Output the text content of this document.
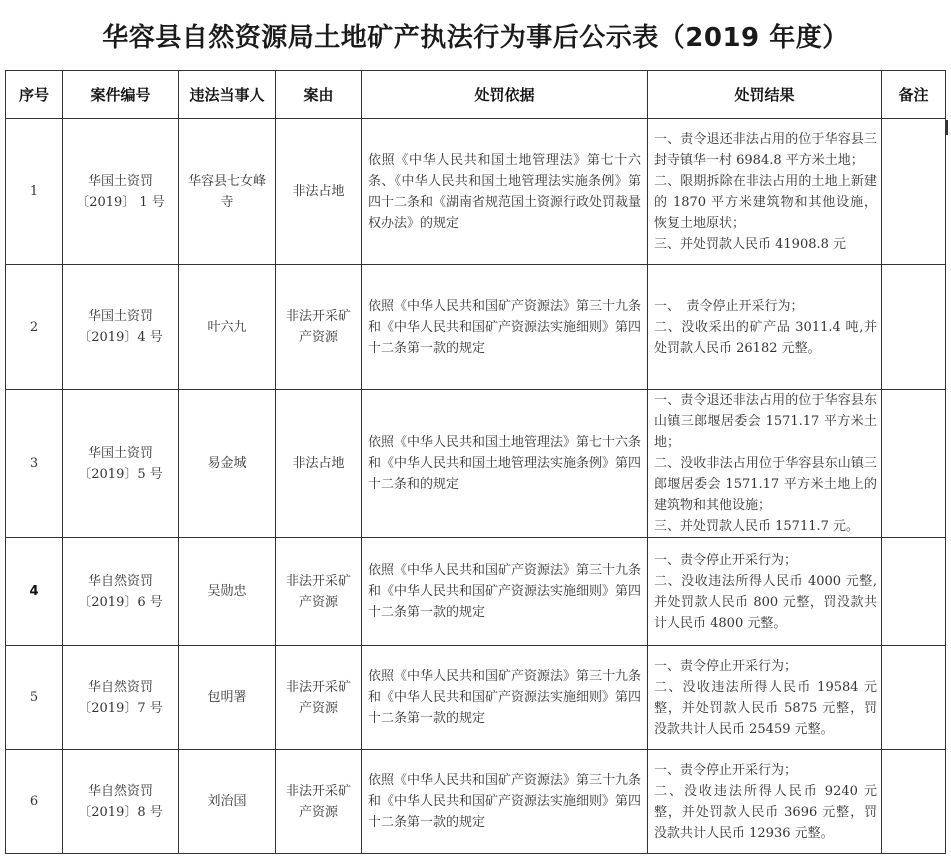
华容县自然资源局土地矿产执法行为事后公示表（2019 年度）
序号	案件编号	违法当事人	案由	处罚依据	处罚结果	备注
1	华国土资罚〔2019〕 1 号	华容县七女峰寺	非法占地	依照《中华人民共和国土地管理法》第七十六条、《中华人民共和国土地管理法实施条例》第四十二条和《湖南省规范国土资源行政处罚裁量权办法》的规定	一、责令退还非法占用的位于华容县三封寺镇华一村 6984.8 平方米土地；
二、限期拆除在非法占用的土地上新建的 1870 平方米建筑物和其他设施，恢复土地原状；
三、并处罚款人民币 41908.8 元	

2	华国土资罚〔2019〕4 号	叶六九	非法开采矿产资源	依照《中华人民共和国矿产资源法》第三十九条和《中华人民共和国矿产资源法实施细则》第四十二条第一款的规定	一、　责令停止开采行为；
二、没收采出的矿产品 3011.4 吨,并处罚款人民币 26182 元整。	

3	华国土资罚〔2019〕5 号	易金城	非法占地	依照《中华人民共和国土地管理法》第七十六条和《中华人民共和国土地管理法实施条例》第四十二条和的规定	一、责令退还非法占用的位于华容县东山镇三郎堰居委会 1571.17 平方米土地；
二、没收非法占用位于华容县东山镇三郎堰居委会 1571.17 平方米土地上的建筑物和其他设施；
三、并处罚款人民币 15711.7 元。	

4	华自然资罚〔2019〕6 号	吴勋忠	非法开采矿产资源	依照《中华人民共和国矿产资源法》第三十九条和《中华人民共和国矿产资源法实施细则》第四十二条第一款的规定	一、责令停止开采行为；
二、没收违法所得人民币 4000 元整,并处罚款人民币 800 元整，罚没款共计人民币 4800 元整。	

5	华自然资罚〔2019〕7 号	包明署	非法开采矿产资源	依照《中华人民共和国矿产资源法》第三十九条和《中华人民共和国矿产资源法实施细则》第四十二条第一款的规定	一、责令停止开采行为；
二、没收违法所得人民币 19584 元整，并处罚款人民币 5875 元整，罚没款共计人民币 25459 元整。	

6	华自然资罚〔2019〕8 号	刘治国	非法开采矿产资源	依照《中华人民共和国矿产资源法》第三十九条和《中华人民共和国矿产资源法实施细则》第四十二条第一款的规定	一、责令停止开采行为；
二、没收违法所得人民币 9240 元整，并处罚款人民币 3696 元整，罚没款共计人民币 12936 元整。	
